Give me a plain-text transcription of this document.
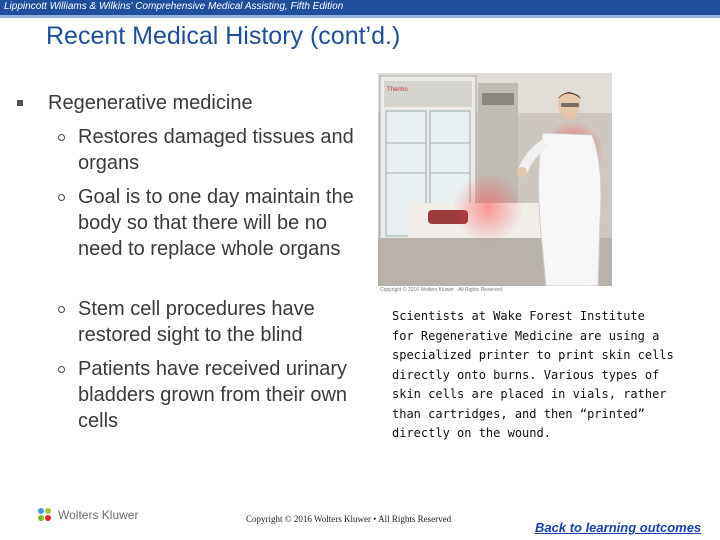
Lippincott Williams & Wilkins' Comprehensive Medical Assisting, Fifth Edition
Recent Medical History (cont’d.)
Regenerative medicine
Restores damaged tissues and organs
Goal is to one day maintain the body so that there will be no need to replace whole organs
Stem cell procedures have restored sight to the blind
Patients have received urinary bladders grown from their own cells
Thermo
Copyright © 2016 Wolters Kluwer · All Rights Reserved
Scientists at Wake Forest Institute
for Regenerative Medicine are using a
specialized printer to print skin cells
directly onto burns. Various types of
skin cells are placed in vials, rather
than cartridges, and then “printed”
directly on the wound.
Wolters Kluwer	Copyright © 2016 Wolters Kluwer • All Rights Reserved
Back to learning outcomes
